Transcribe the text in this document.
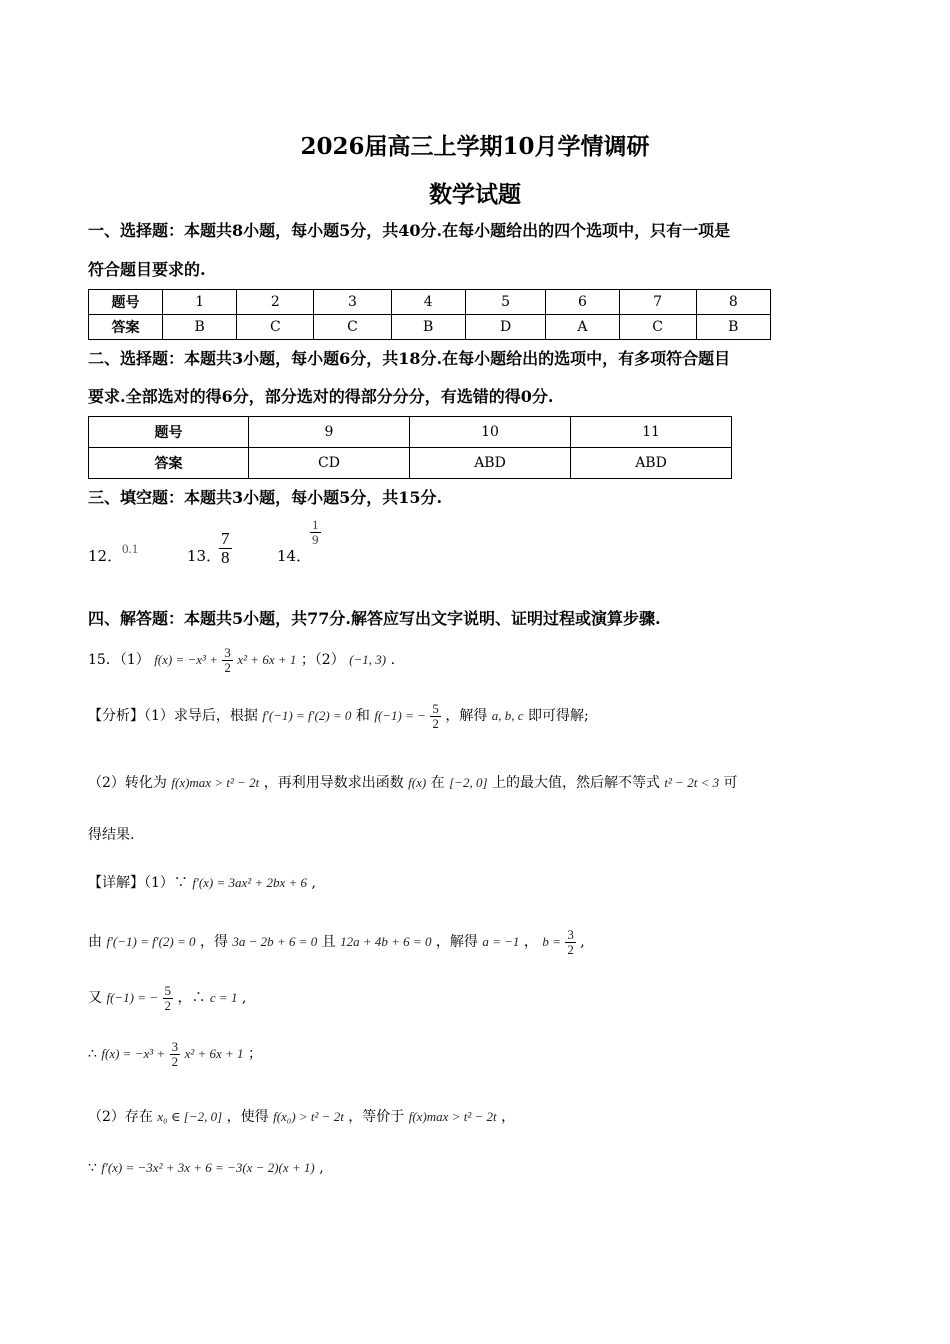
2026届高三上学期10月学情调研
数学试题
一、选择题：本题共8小题，每小题5分，共40分.在每小题给出的四个选项中，只有一项是
符合题目要求的.
题号	1	2	3	4	5	6	7	8
答案	B	C	C	B	D	A	C	B
二、选择题：本题共3小题，每小题6分，共18分.在每小题给出的选项中，有多项符合题目
要求.全部选对的得6分，部分选对的得部分分分，有选错的得0分.
题号	9	10	11
答案	CD	ABD	ABD
三、填空题：本题共3小题，每小题5分，共15分.
12． 0.1	13．
$\frac{7}{8}$	14．
$\frac{1}{9}$
四、解答题：本题共5小题，共77分.解答应写出文字说明、证明过程或演算步骤.
15．（1） $f(x) = -x^3 + \frac{3}{2} x^2 + 6x + 1$ ；（2） (−1, 3) .
【分析】（1）求导后，根据 f′(−1) = f′(2) = 0 和 f(−1) = − $\frac{5}{2}$ ，解得 a, b, c 即可得解;
（2）转化为 f(x)max > t² − 2t ，再利用导数求出函数 f(x) 在 [−2, 0] 上的最大值，然后解不等式 t² − 2t < 3 可
得结果.
【详解】（1）∵ f′(x) = 3ax² + 2bx + 6 ,
由 f′(−1) = f′(2) = 0 ，得 3a − 2b + 6 = 0 且 12a + 4b + 6 = 0 ，解得 a = −1 ， $b = \frac{3}{2}$ ,
又 f(−1) = − $\frac{5}{2}$ ，∴ c = 1 ,
∴ $f(x) = -x^3 + \frac{3}{2} x^2 + 6x + 1$ ；
（2）存在 x₀ ∈ [−2, 0] ，使得 f(x₀) > t² − 2t ，等价于 f(x)max > t² − 2t ，
∵ f′(x) = −3x² + 3x + 6 = −3(x − 2)(x + 1) ,
